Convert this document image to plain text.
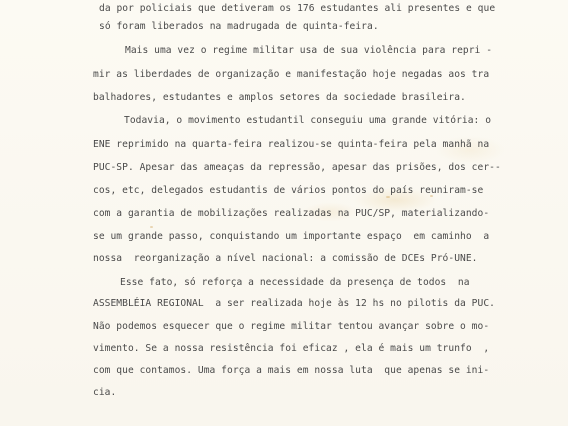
da por policiais que detiveram os 176 estudantes ali presentes e que
só foram liberados na madrugada de quinta-feira.
Mais uma vez o regime militar usa de sua violência para repri -
mir as liberdades de organização e manifestação hoje negadas aos tra
balhadores, estudantes e amplos setores da sociedade brasileira.
Todavia, o movimento estudantil conseguiu uma grande vitória: o
ENE reprimido na quarta-feira realizou-se quinta-feira pela manhã na
PUC-SP. Apesar das ameaças da repressão, apesar das prisões, dos cer--
cos, etc, delegados estudantis de vários pontos do país reuniram-se
com a garantia de mobilizações realizadas na PUC/SP, materializando-
se um grande passo, conquistando um importante espaço  em caminho  a
nossa  reorganização a nível nacional: a comissão de DCEs Pró-UNE.
Esse fato, só reforça a necessidade da presença de todos  na
ASSEMBLÉIA REGIONAL  a ser realizada hoje às 12 hs no pilotis da PUC.
Não podemos esquecer que o regime militar tentou avançar sobre o mo-
vimento. Se a nossa resistência foi eficaz , ela é mais um trunfo  ,
com que contamos. Uma força a mais em nossa luta  que apenas se ini-
cia.
